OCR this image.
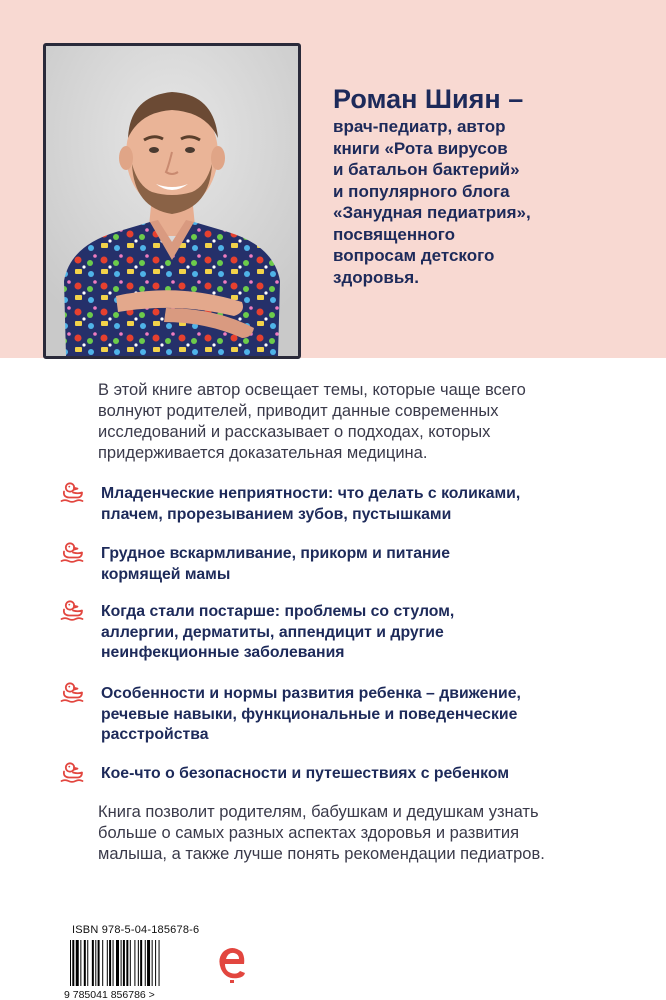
Роман Шиян –
врач-педиатр, автор
книги «Рота вирусов
и батальон бактерий»
и популярного блога
«Занудная педиатрия»,
посвященного
вопросам детского
здоровья.
В этой книге автор освещает темы, которые чаще всего
волнуют родителей, приводит данные современных
исследований и рассказывает о подходах, которых
придерживается доказательная медицина.
Младенческие неприятности: что делать с коликами,
плачем, прорезыванием зубов, пустышками
Грудное вскармливание, прикорм и питание
кормящей мамы
Когда стали постарше: проблемы со стулом,
аллергии, дерматиты, аппендицит и другие
неинфекционные заболевания
Особенности и нормы развития ребенка – движение,
речевые навыки, функциональные и поведенческие
расстройства
Кое-что о безопасности и путешествиях с ребенком
Книга позволит родителям, бабушкам и дедушкам узнать
больше о самых разных аспектах здоровья и развития
малыша, а также лучше понять рекомендации педиатров.
ISBN 978-5-04-185678-6
9 785041 856786 >
